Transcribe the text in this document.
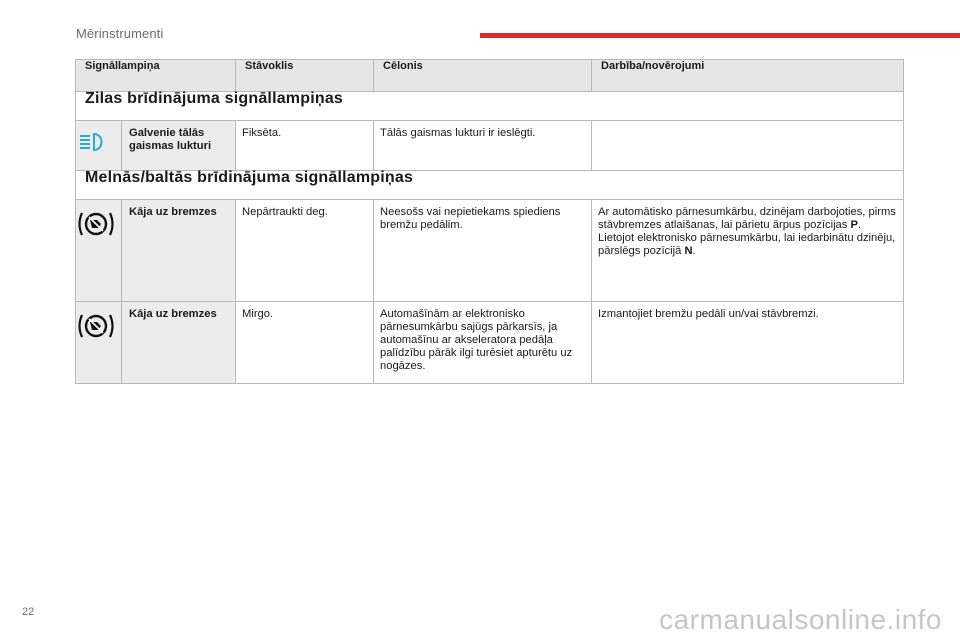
Mērinstrumenti
Signāllampiņa		Stāvoklis	Cēlonis	Darbība/novērojumi
Zilas brīdinājuma signāllampiņas				
	Galvenie tālās gaismas lukturi	Fiksēta.	Tālās gaismas lukturi ir ieslēgti.	
Melnās/baltās brīdinājuma signāllampiņas				
	Kāja uz bremzes	Nepārtraukti deg.	Neesošs vai nepietiekams spiediens bremžu pedālim.	Ar automātisko pārnesumkārbu, dzinējam darbojoties, pirms stāvbremzes atlaišanas, lai pārietu ārpus pozīcijas P.
Lietojot elektronisko pārnesumkārbu, lai iedarbinātu dzinēju, pārslēgs pozīcijā N.
	Kāja uz bremzes	Mirgo.	Automašīnām ar elektronisko pārnesumkārbu sajūgs pārkarsīs, ja automašīnu ar akseleratora pedāļa palīdzību pārāk ilgi turēsiet apturētu uz nogāzes.	Izmantojiet bremžu pedāli un/vai stāvbremzi.
22	carmanualsonline.info
